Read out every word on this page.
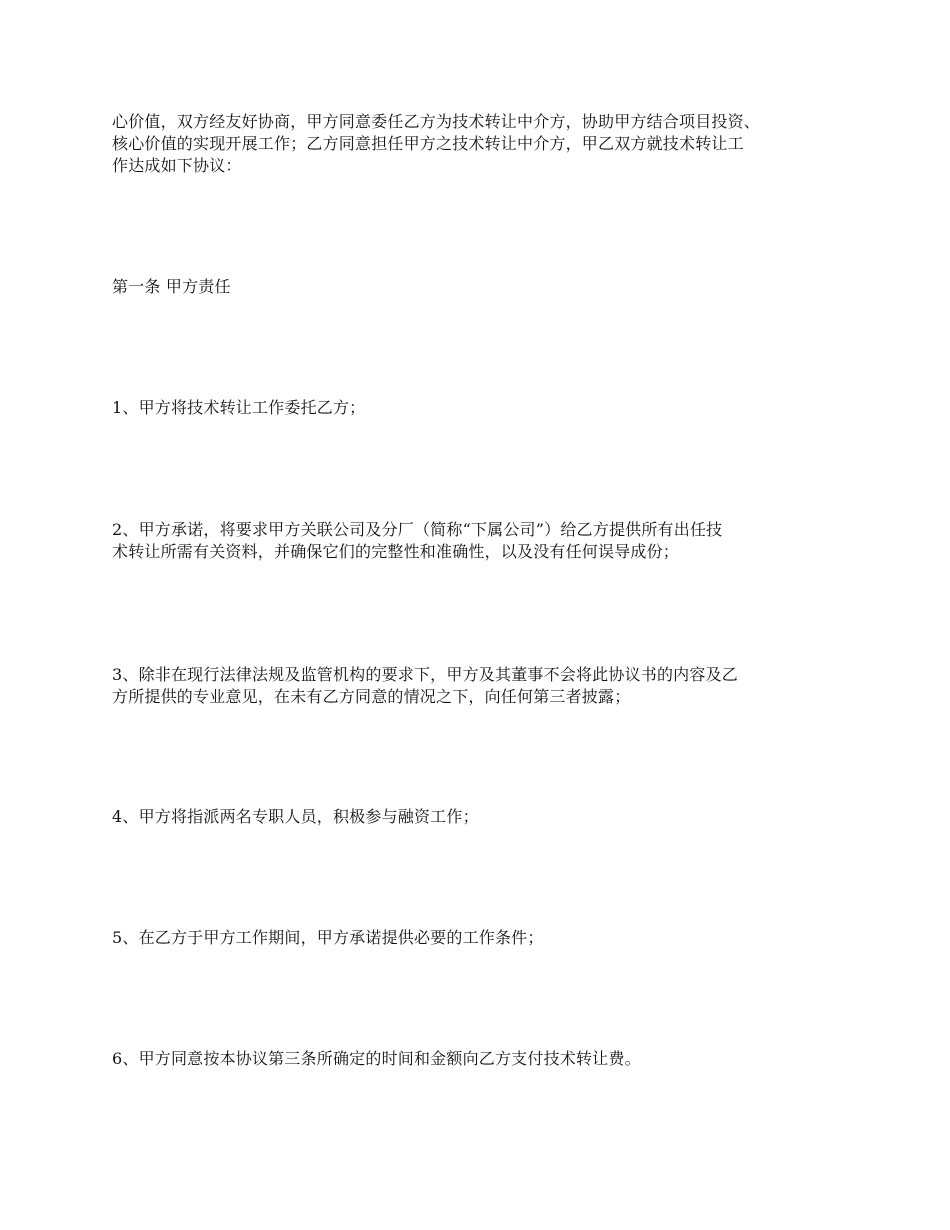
心价值，双方经友好协商，甲方同意委任乙方为技术转让中介方，协助甲方结合项目投资、
核心价值的实现开展工作；乙方同意担任甲方之技术转让中介方，甲乙双方就技术转让工
作达成如下协议：

第一条 甲方责任

1、甲方将技术转让工作委托乙方；

2、甲方承诺，将要求甲方关联公司及分厂（简称“下属公司”）给乙方提供所有出任技
术转让所需有关资料，并确保它们的完整性和准确性，以及没有任何误导成份；

3、除非在现行法律法规及监管机构的要求下，甲方及其董事不会将此协议书的内容及乙
方所提供的专业意见，在未有乙方同意的情况之下，向任何第三者披露；

4、甲方将指派两名专职人员，积极参与融资工作；

5、在乙方于甲方工作期间，甲方承诺提供必要的工作条件；

6、甲方同意按本协议第三条所确定的时间和金额向乙方支付技术转让费。
